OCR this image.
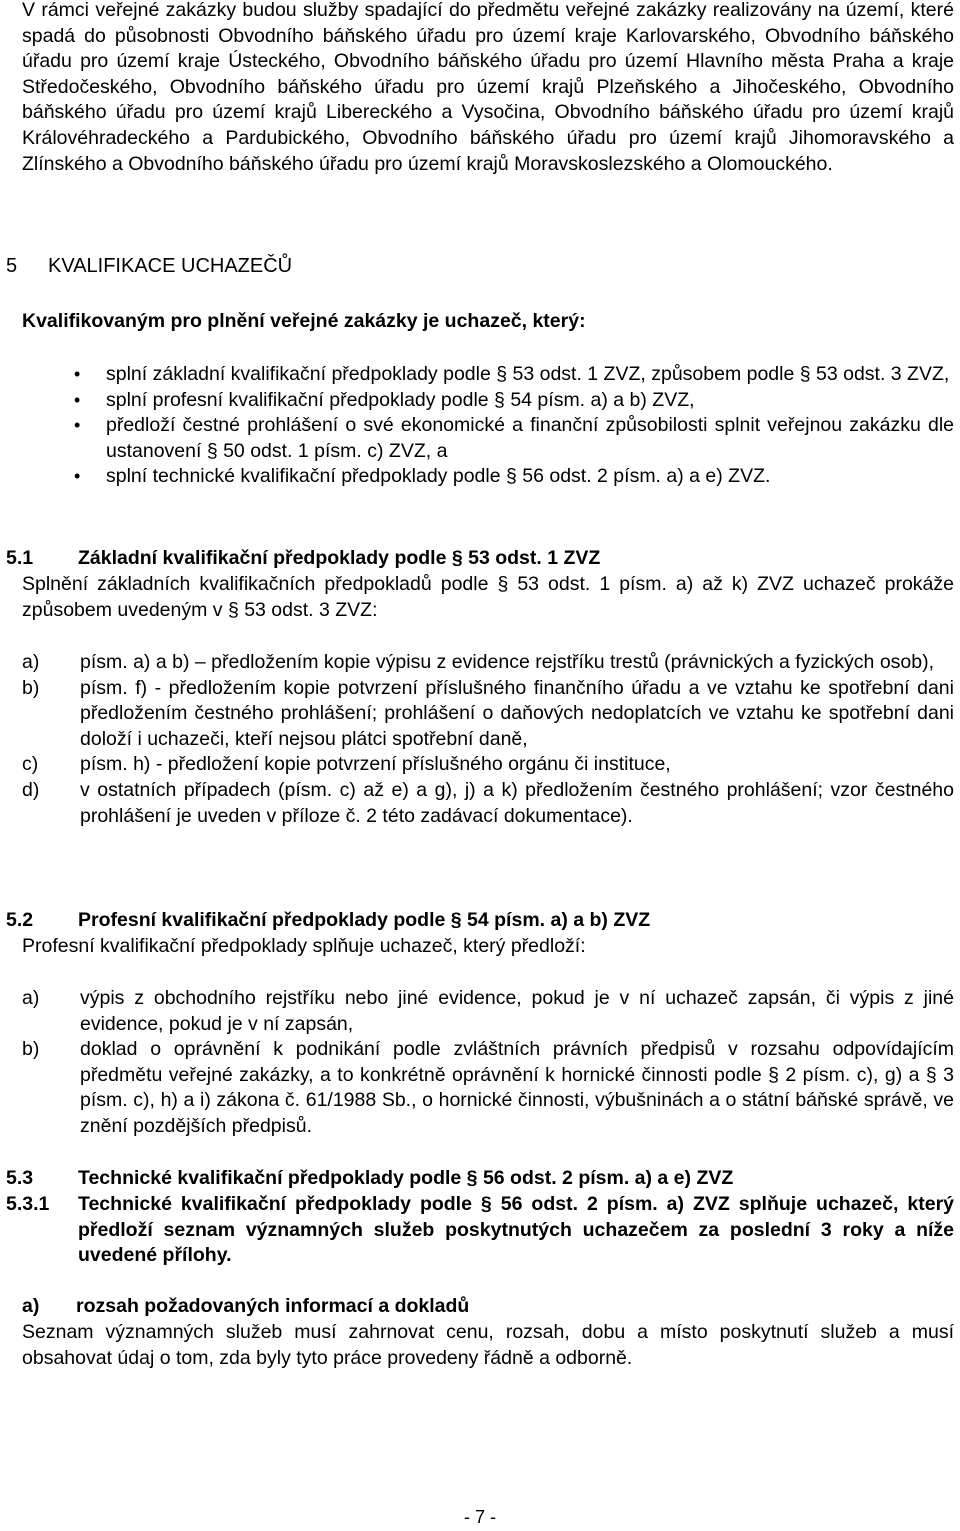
V rámci veřejné zakázky budou služby spadající do předmětu veřejné zakázky realizovány na území, které spadá do působnosti Obvodního báňského úřadu pro území kraje Karlovarského, Obvodního báňského úřadu pro území kraje Ústeckého, Obvodního báňského úřadu pro území Hlavního města Praha a kraje Středočeského, Obvodního báňského úřadu pro území krajů Plzeňského a Jihočeského, Obvodního báňského úřadu pro území krajů Libereckého a Vysočina, Obvodního báňského úřadu pro území krajů Královéhradeckého a Pardubického, Obvodního báňského úřadu pro území krajů Jihomoravského a Zlínského a Obvodního báňského úřadu pro území krajů Moravskoslezského a Olomouckého.

5 KVALIFIKACE UCHAZEČŮ

Kvalifikovaným pro plnění veřejné zakázky je uchazeč, který:

• splní základní kvalifikační předpoklady podle § 53 odst. 1 ZVZ, způsobem podle § 53 odst. 3 ZVZ,
• splní profesní kvalifikační předpoklady podle § 54 písm. a) a b) ZVZ,
• předloží čestné prohlášení o své ekonomické a finanční způsobilosti splnit veřejnou zakázku dle ustanovení § 50 odst. 1 písm. c) ZVZ, a
• splní technické kvalifikační předpoklady podle § 56 odst. 2 písm. a) a e) ZVZ.
5.1 Základní kvalifikační předpoklady podle § 53 odst. 1 ZVZ

Splnění základních kvalifikačních předpokladů podle § 53 odst. 1 písm. a) až k) ZVZ uchazeč prokáže způsobem uvedeným v § 53 odst. 3 ZVZ:

a) písm. a) a b) – předložením kopie výpisu z evidence rejstříku trestů (právnických a fyzických osob),
b) písm. f) - předložením kopie potvrzení příslušného finančního úřadu a ve vztahu ke spotřební dani předložením čestného prohlášení; prohlášení o daňových nedoplatcích ve vztahu ke spotřební dani doloží i uchazeči, kteří nejsou plátci spotřební daně,
c) písm. h) - předložení kopie potvrzení příslušného orgánu či instituce,
d) v ostatních případech (písm. c) až e) a g), j) a k) předložením čestného prohlášení; vzor čestného prohlášení je uveden v příloze č. 2 této zadávací dokumentace).
5.2 Profesní kvalifikační předpoklady podle § 54 písm. a) a b) ZVZ

Profesní kvalifikační předpoklady splňuje uchazeč, který předloží:

a) výpis z obchodního rejstříku nebo jiné evidence, pokud je v ní uchazeč zapsán, či výpis z jiné evidence, pokud je v ní zapsán,
b) doklad o oprávnění k podnikání podle zvláštních právních předpisů v rozsahu odpovídajícím předmětu veřejné zakázky, a to konkrétně oprávnění k hornické činnosti podle § 2 písm. c), g) a § 3 písm. c), h) a i) zákona č. 61/1988 Sb., o hornické činnosti, výbušninách a o státní báňské správě, ve znění pozdějších předpisů.
5.3 Technické kvalifikační předpoklady podle § 56 odst. 2 písm. a) a e) ZVZ
5.3.1 Technické kvalifikační předpoklady podle § 56 odst. 2 písm. a) ZVZ splňuje uchazeč, který předloží seznam významných služeb poskytnutých uchazečem za poslední 3 roky a níže uvedené přílohy.
a) rozsah požadovaných informací a dokladů

Seznam významných služeb musí zahrnovat cenu, rozsah, dobu a místo poskytnutí služeb a musí obsahovat údaj o tom, zda byly tyto práce provedeny řádně a odborně.

- 7 -
